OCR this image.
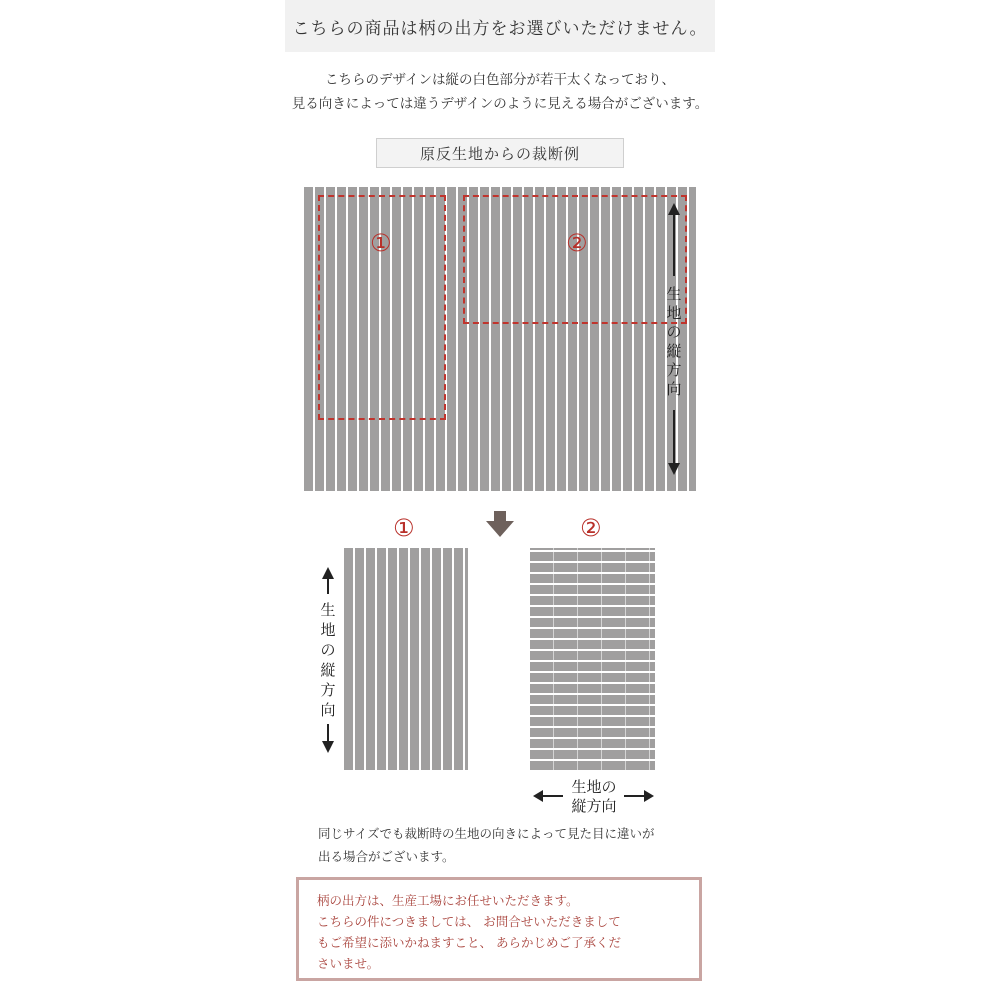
こちらの商品は柄の出方をお選びいただけません。
こちらのデザインは縦の白色部分が若干太くなっており、
見る向きによっては違うデザインのように見える場合がございます。
原反生地からの裁断例
①	②
生
地
の
縦
方
向
①	②
生
地
の
縦
方
向
生地の
縦方向
同じサイズでも裁断時の生地の向きによって見た目に違いが
出る場合がございます。
柄の出方は、生産工場にお任せいただきます。
こちらの件につきましては、 お問合せいただきまして
もご希望に添いかねますこと、 あらかじめご了承くだ
さいませ。
